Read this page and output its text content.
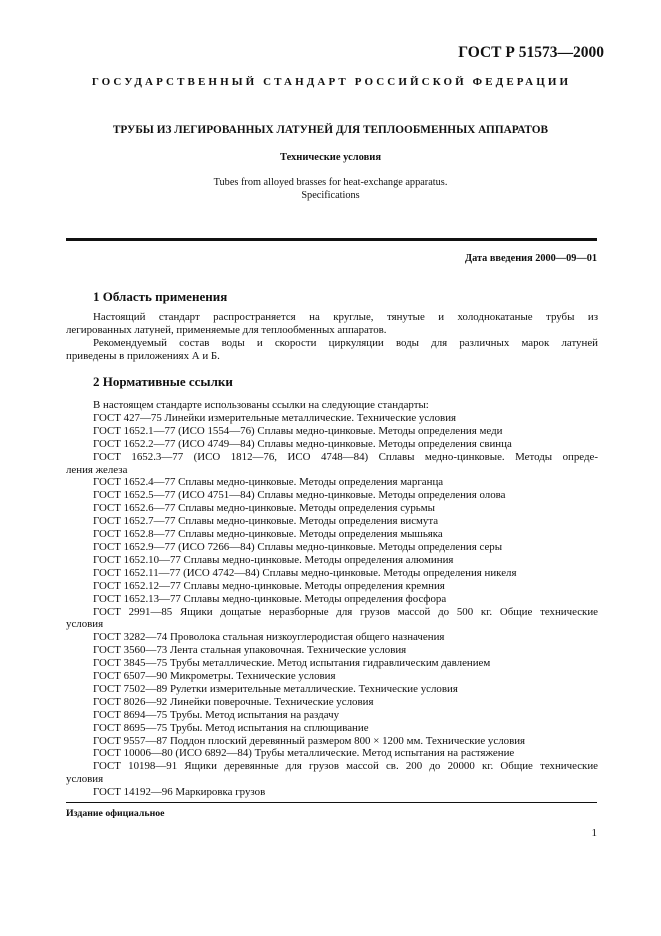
ГОСТ Р 51573—2000
ГОСУДАРСТВЕННЫЙ СТАНДАРТ РОССИЙСКОЙ ФЕДЕРАЦИИ
ТРУБЫ ИЗ ЛЕГИРОВАННЫХ ЛАТУНЕЙ ДЛЯ ТЕПЛООБМЕННЫХ АППАРАТОВ
Технические условия
Tubes from alloyed brasses for heat-exchange apparatus.
Specifications
Дата введения 2000—09—01
1 Область применения
Настоящий стандарт распространяется на круглые, тянутые и холоднокатаные трубы из
легированных латуней, применяемые для теплообменных аппаратов.
Рекомендуемый состав воды и скорости циркуляции воды для различных марок латуней
приведены в приложениях А и Б.
2 Нормативные ссылки
В настоящем стандарте использованы ссылки на следующие стандарты:
ГОСТ 427—75 Линейки измерительные металлические. Технические условия
ГОСТ 1652.1—77 (ИСО 1554—76) Сплавы медно-цинковые. Методы определения меди
ГОСТ 1652.2—77 (ИСО 4749—84) Сплавы медно-цинковые. Методы определения свинца
ГОСТ 1652.3—77 (ИСО 1812—76, ИСО 4748—84) Сплавы медно-цинковые. Методы опреде-
ления железа
ГОСТ 1652.4—77 Сплавы медно-цинковые. Методы определения марганца
ГОСТ 1652.5—77 (ИСО 4751—84) Сплавы медно-цинковые. Методы определения олова
ГОСТ 1652.6—77 Сплавы медно-цинковые. Методы определения сурьмы
ГОСТ 1652.7—77 Сплавы медно-цинковые. Методы определения висмута
ГОСТ 1652.8—77 Сплавы медно-цинковые. Методы определения мышьяка
ГОСТ 1652.9—77 (ИСО 7266—84) Сплавы медно-цинковые. Методы определения серы
ГОСТ 1652.10—77 Сплавы медно-цинковые. Методы определения алюминия
ГОСТ 1652.11—77 (ИСО 4742—84) Сплавы медно-цинковые. Методы определения никеля
ГОСТ 1652.12—77 Сплавы медно-цинковые. Методы определения кремния
ГОСТ 1652.13—77 Сплавы медно-цинковые. Методы определения фосфора
ГОСТ 2991—85 Ящики дощатые неразборные для грузов массой до 500 кг. Общие технические
условия
ГОСТ 3282—74 Проволока стальная низкоуглеродистая общего назначения
ГОСТ 3560—73 Лента стальная упаковочная. Технические условия
ГОСТ 3845—75 Трубы металлические. Метод испытания гидравлическим давлением
ГОСТ 6507—90 Микрометры. Технические условия
ГОСТ 7502—89 Рулетки измерительные металлические. Технические условия
ГОСТ 8026—92 Линейки поверочные. Технические условия
ГОСТ 8694—75 Трубы. Метод испытания на раздачу
ГОСТ 8695—75 Трубы. Метод испытания на сплющивание
ГОСТ 9557—87 Поддон плоский деревянный размером 800 × 1200 мм. Технические условия
ГОСТ 10006—80 (ИСО 6892—84) Трубы металлические. Метод испытания на растяжение
ГОСТ 10198—91 Ящики деревянные для грузов массой св. 200 до 20000 кг. Общие технические
условия
ГОСТ 14192—96 Маркировка грузов
Издание официальное
1
